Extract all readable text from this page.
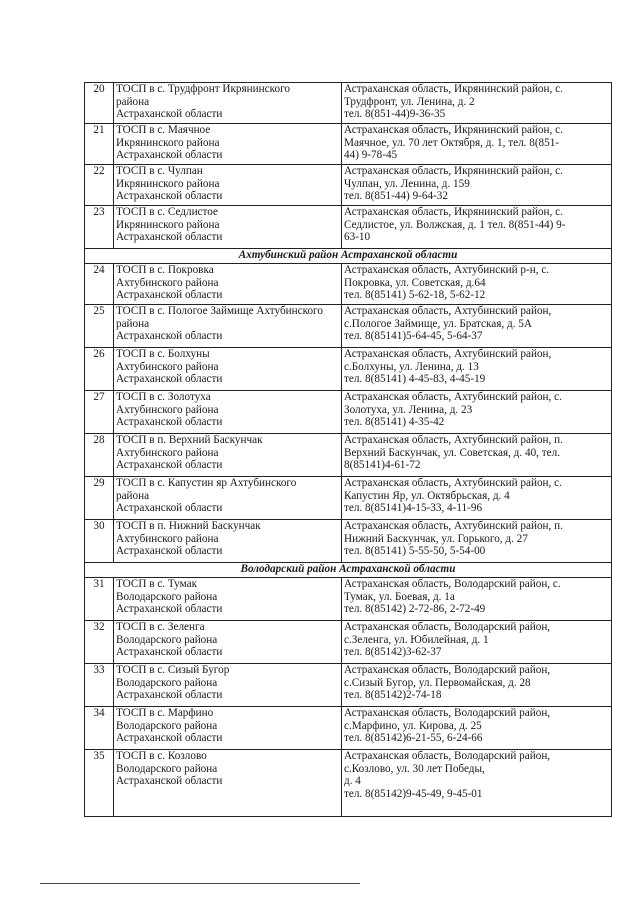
20	ТОСП в с. Трудфронт Икрянинского
района
Астраханской области	Астраханская область, Икрянинский район, с.
Трудфронт, ул. Ленина, д. 2
тел. 8(851-44)9-36-35

21	ТОСП в с. Маячное
Икрянинского района
Астраханской области	Астраханская область, Икрянинский район, с.
Маячное, ул. 70 лет Октября, д. 1, тел. 8(851-
44) 9-78-45

22	ТОСП в с. Чулпан
Икрянинского района
Астраханской области	Астраханская область, Икрянинский район, с.
Чулпан, ул. Ленина, д. 159
тел. 8(851-44) 9-64-32

23	ТОСП в с. Седлистое
Икрянинского района
Астраханской области	Астраханская область, Икрянинский район, с.
Седлистое, ул. Волжская, д. 1 тел. 8(851-44) 9-
63-10

Ахтубинский район Астраханской области		
24	ТОСП в с. Покровка
Ахтубинского района
Астраханской области	Астраханская область, Ахтубинский р-н, с.
Покровка, ул. Советская, д.64
тел. 8(85141) 5-62-18, 5-62-12

25	ТОСП в с. Пологое Займище Ахтубинского
района
Астраханской области	Астраханская область, Ахтубинский район,
с.Пологое Займище, ул. Братская, д. 5А
тел. 8(85141)5-64-45, 5-64-37

26	ТОСП в с. Болхуны
Ахтубинского района
Астраханской области	Астраханская область, Ахтубинский район,
с.Болхуны, ул. Ленина, д. 13
тел. 8(85141) 4-45-83, 4-45-19

27	ТОСП в с. Золотуха
Ахтубинского района
Астраханской области	Астраханская область, Ахтубинский район, с.
Золотуха, ул. Ленина, д. 23
тел. 8(85141) 4-35-42

28	ТОСП в п. Верхний Баскунчак
Ахтубинского района
Астраханской области	Астраханская область, Ахтубинский район, п.
Верхний Баскунчак, ул. Советская, д. 40, тел.
8(85141)4-61-72

29	ТОСП в с. Капустин яр Ахтубинского
района
Астраханской области	Астраханская область, Ахтубинский район, с.
Капустин Яр, ул. Октябрьская, д. 4
тел. 8(85141)4-15-33, 4-11-96

30	ТОСП в п. Нижний Баскунчак
Ахтубинского района
Астраханской области	Астраханская область, Ахтубинский район, п.
Нижний Баскунчак, ул. Горького, д. 27
тел. 8(85141) 5-55-50, 5-54-00

Володарский район Астраханской области		
31	ТОСП в с. Тумак
Володарского района
Астраханской области	Астраханская область, Володарский район, с.
Тумак, ул. Боевая, д. 1а
тел. 8(85142) 2-72-86, 2-72-49

32	ТОСП в с. Зеленга
Володарского района
Астраханской области	Астраханская область, Володарский район,
с.Зеленга, ул. Юбилейная, д. 1
тел. 8(85142)3-62-37

33	ТОСП в с. Сизый Бугор
Володарского района
Астраханской области	Астраханская область, Володарский район,
с.Сизый Бугор, ул. Первомайская, д. 28
тел. 8(85142)2-74-18

34	ТОСП в с. Марфино
Володарского района
Астраханской области	Астраханская область, Володарский район,
с.Марфино, ул. Кирова, д. 25
тел. 8(85142)6-21-55, 6-24-66

35	ТОСП в с. Козлово
Володарского района
Астраханской области	Астраханская область, Володарский район,
с.Козлово, ул. 30 лет Победы,
д. 4
тел. 8(85142)9-45-49, 9-45-01
